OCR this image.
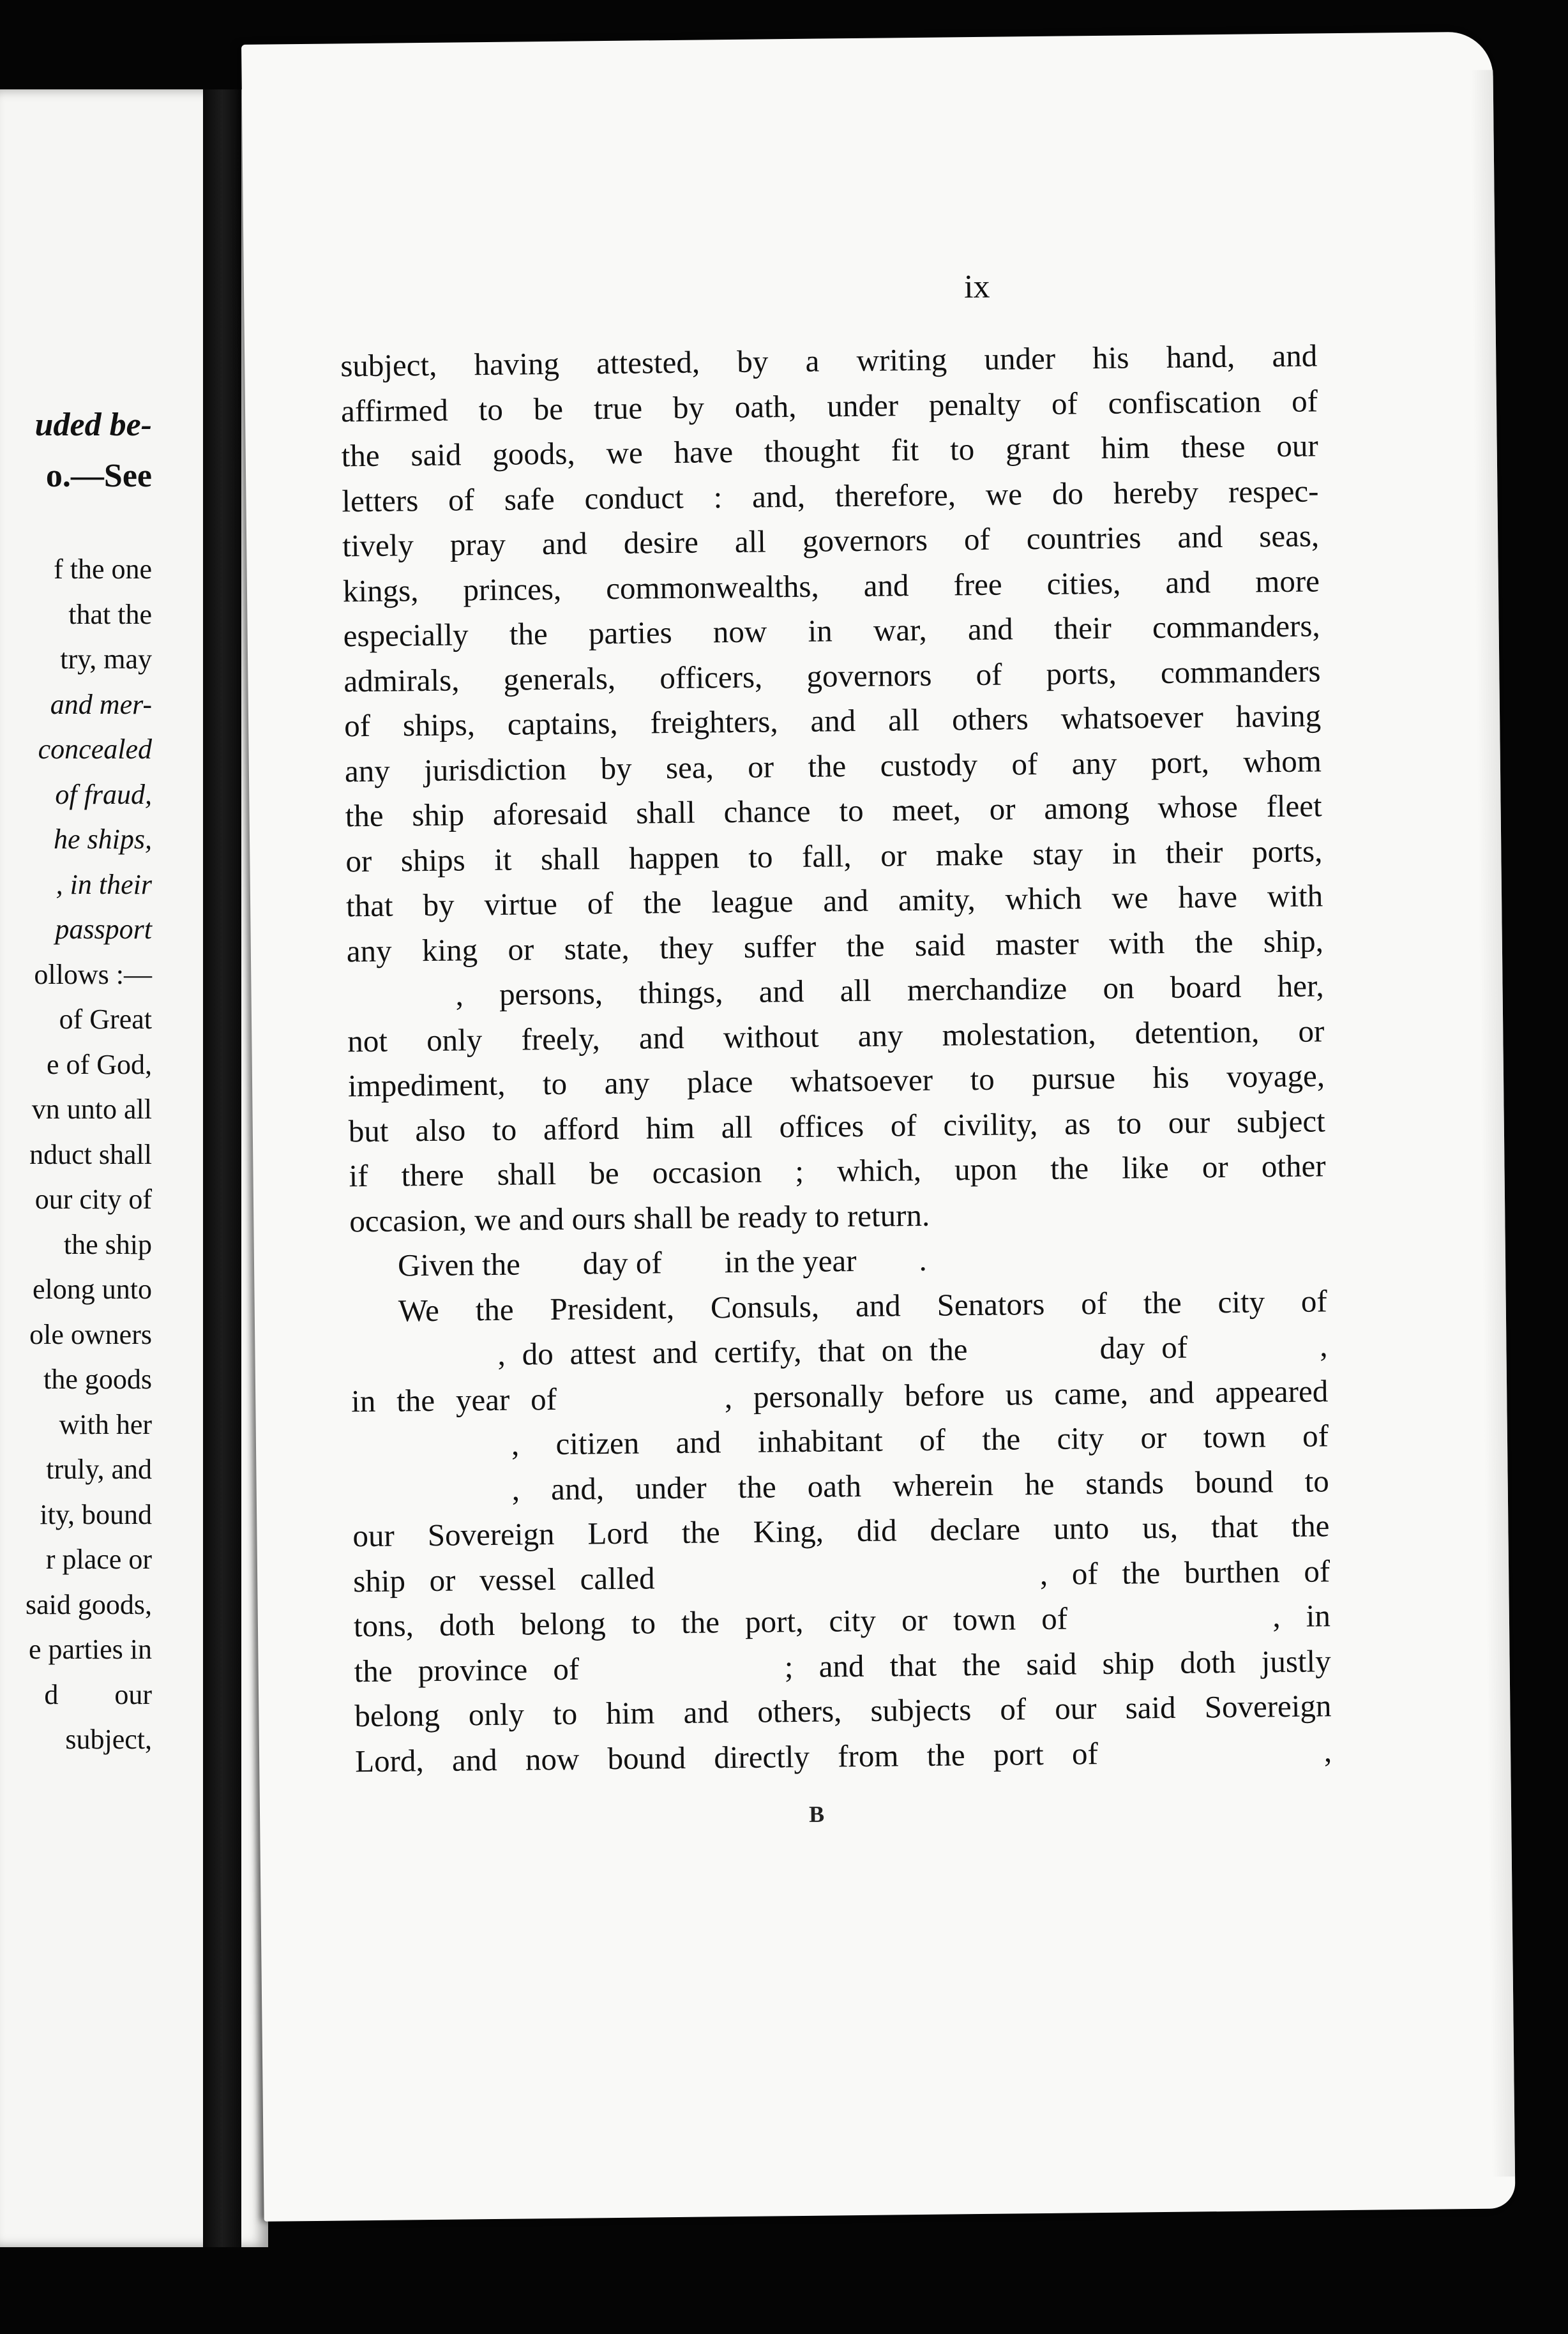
uded be-
o.—See
f the one
that the
try, may
and mer-
concealed
of fraud,
he ships,
, in their
passport
ollows :—
of Great
e of God,
vn unto all
nduct shall
our city of
the ship
elong unto
ole owners
the goods
with her
truly, and
ity, bound
r place or
said goods,
e parties in
d        our
subject,
ix
subject, having attested, by a writing under his hand, and
affirmed to be true by oath, under penalty of confiscation of
the said goods, we have thought fit to grant him these our
letters of safe conduct : and, therefore, we do hereby respec-
tively pray and desire all governors of countries and seas,
kings, princes, commonwealths, and free cities, and more
especially the parties now in war, and their commanders,
admirals, generals, officers, governors of ports, commanders
of ships, captains, freighters, and all others whatsoever having
any jurisdiction by sea, or the custody of any port, whom
the ship aforesaid shall chance to meet, or among whose fleet
or ships it shall happen to fall, or make stay in their ports,
that by virtue of the league and amity, which we have with
any king or state, they suffer the said master with the ship,
, persons, things, and all merchandize on board her,
not only freely, and without any molestation, detention, or
impediment, to any place whatsoever to pursue his voyage,
but also to afford him all offices of civility, as to our subject
if there shall be occasion ; which, upon the like or other
occasion, we and ours shall be ready to return.
Given the        day of        in the year        .
We the President, Consuls, and Senators of the city of
, do attest and certify, that on the        day of        ,
in the year of        , personally before us came, and appeared
, citizen and inhabitant of the city or town of
, and, under the oath wherein he stands bound to
our Sovereign Lord the King, did declare unto us, that the
ship or vessel called                , of the burthen of
tons, doth belong to the port, city or town of        , in
the province of        ; and that the said ship doth justly
belong only to him and others, subjects of our said Sovereign
Lord, and now bound directly from the port of        ,
B
